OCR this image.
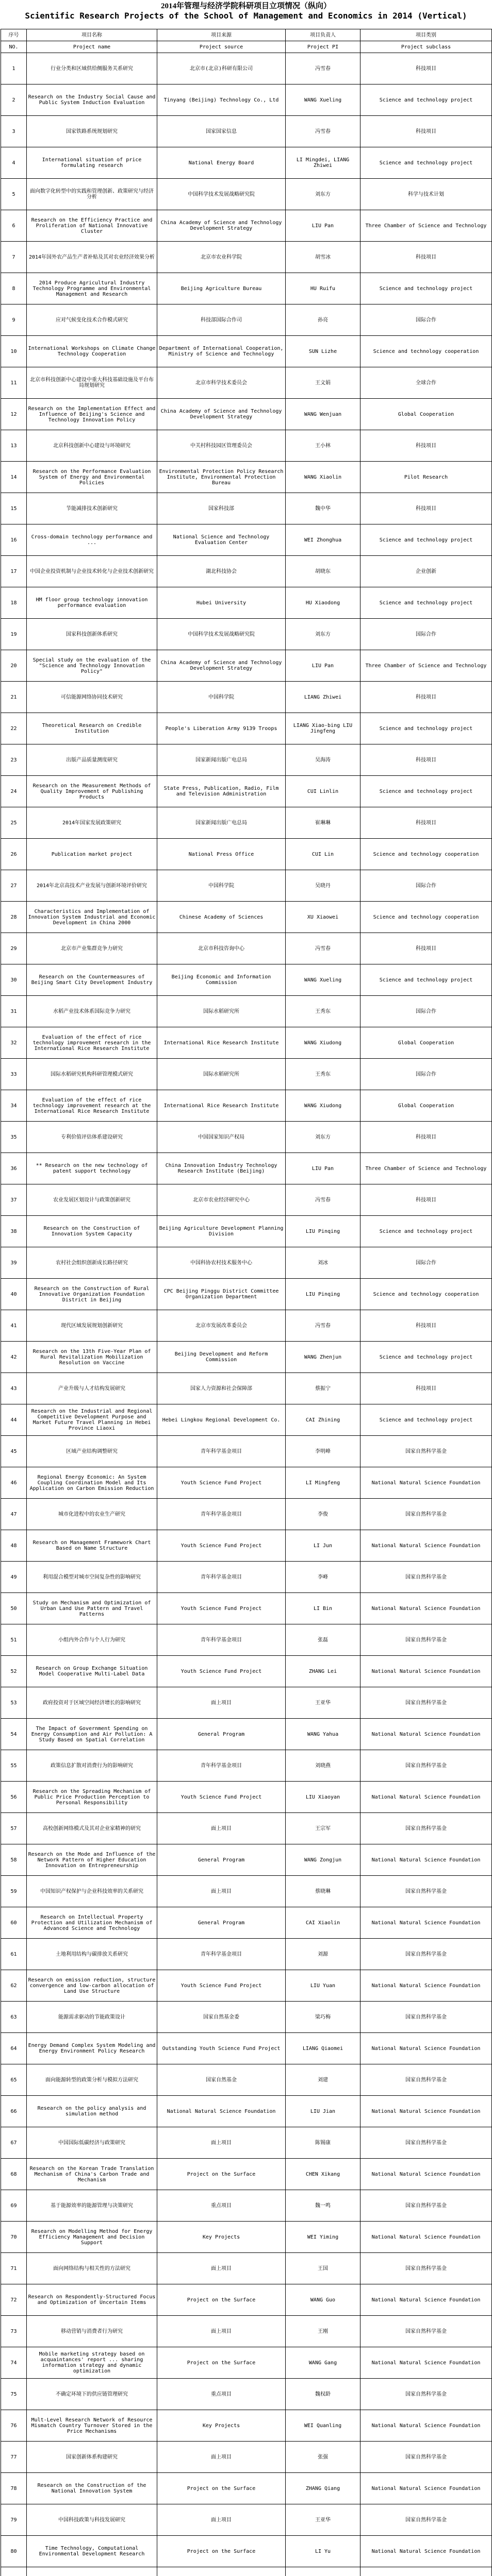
2014年管理与经济学院科研项目立项情况（纵向）
Scientific Research Projects of the School of Management and Economics in 2014 (Vertical)
序号	项目名称	项目来源	项目负责人	项目类别
NO.	Project name	Project source	Project PI	Project subclass
1	行业分类和区域供给侧服务关系研究	北京市(北京)科研有限公司	冯雪春	科技项目
2	Research on the Industry Social Cause and Public System Induction Evaluation	Tinyang (Beijing) Technology Co., Ltd	WANG Xueling	Science and technology project
3	国家铁路系统规划研究	国家国家信息	冯雪春	科技项目
4	International situation of price formulating research	National Energy Board	LI Mingdei, LIANG Zhiwei	Science and technology project
5	面向数字化转型中的实践和管理创新、政策研究与经济分析	中国科学技术发展战略研究院	刘东方	科学与技术计划
6	Research on the Efficiency Practice and Proliferation of National Innovative Cluster	China Academy of Science and Technology Development Strategy	LIU Pan	Three Chamber of Science and Technology
7	2014年国外农产品生产者补贴及其对农业经济效果分析	北京市农业科学院	胡雪冰	科技项目
8	2014 Produce Agricultural Industry Technology Programme and Environmental Management and Research	Beijing Agriculture Bureau	HU Ruifu	Science and technology project
9	应对气候变化技术合作模式研究	科技部国际合作司	孙亮	国际合作
10	International Workshops on Climate Change Technology Cooperation	Department of International Cooperation, Ministry of Science and Technology	SUN Lizhe	Science and technology cooperation
11	北京市科技创新中心建设中重大科技基础设施及平台布局规划研究	北京市科学技术委员会	王文娟	全球合作
12	Research on the Implementation Effect and Influence of Beijing's Science and Technology Innovation Policy	China Academy of Science and Technology Development Strategy	WANG Wenjuan	Global Cooperation
13	北京科技创新中心建设与环境研究	中关村科技园区管理委员会	王小林	科技项目
14	Research on the Performance Evaluation System of Energy and Environmental Policies	Environmental Protection Policy Research Institute, Environmental Protection Bureau	WANG Xiaolin	Pilot Research
15	节能减排技术创新研究	国家科技部	魏中华	科技项目
16	Cross-domain technology performance and ...	National Science and Technology Evaluation Center	WEI Zhonghua	Science and technology project
17	中国企业投资机制与企业技术转化与企业技术创新研究	湖北科技协会	胡晓东	企业创新
18	HM floor group technology innovation performance evaluation	Hubei University	HU Xiaodong	Science and technology project
19	国家科技创新体系研究	中国科学技术发展战略研究院	刘东方	国际合作
20	Special study on the evaluation of the "Science and Technology Innovation Policy"	China Academy of Science and Technology Development Strategy	LIU Pan	Three Chamber of Science and Technology
21	可信能源网络协同技术研究	中国科学院	LIANG Zhiwei	科技项目
22	Theoretical Research on Credible Institution	People's Liberation Army 9139 Troops	LIANG Xiao-bing LIU Jingfeng	Science and technology project
23	出版产品质量测度研究	国家新闻出版广电总局	吴海涛	科技项目
24	Research on the Measurement Methods of Quality Improvement of Publishing Products	State Press, Publication, Radio, Film and Television Administration	CUI Linlin	Science and technology project
25	2014年国家发展政策研究	国家新闻出版广电总局	崔琳琳	科技项目
26	Publication market project	National Press Office	CUI Lin	Science and technology cooperation
27	2014年北京高技术产业发展与创新环境评价研究	中国科学院	吴晓丹	国际合作
28	Characteristics and Implementation of Innovation System Industrial and Economic Development in China 2000	Chinese Academy of Sciences	XU Xiaowei	Science and technology cooperation
29	北京市产业集群竞争力研究	北京市科技咨询中心	冯雪春	科技项目
30	Research on the Countermeasures of Beijing Smart City Development Industry	Beijing Economic and Information Commission	WANG Xueling	Science and technology project
31	水稻产业技术体系国际竞争力研究	国际水稻研究所	王秀东	国际合作
32	Evaluation of the effect of rice technology improvement research in the International Rice Research Institute	International Rice Research Institute	WANG Xiudong	Global Cooperation
33	国际水稻研究机构科研管理模式研究	国际水稻研究所	王秀东	国际合作
34	Evaluation of the effect of rice technology improvement research at the International Rice Research Institute	International Rice Research Institute	WANG Xiudong	Global Cooperation
35	专利价值评估体系建设研究	中国国家知识产权局	刘东方	科技项目
36	** Research on the new technology of patent support technology	China Innovation Industry Technology Research Institute (Beijing)	LIU Pan	Three Chamber of Science and Technology
37	农业发展区划设计与政策创新研究	北京市农业经济研究中心	冯雪春	科技项目
38	Research on the Construction of Innovation System Capacity	Beijing Agriculture Development Planning Division	LIU Pinqing	Science and technology project
39	农村社会组织创新成长路径研究	中国科协农村技术服务中心	刘冰	国际合作
40	Research on the Construction of Rural Innovative Organization Foundation District in Beijing	CPC Beijing Pinggu District Committee Organization Department	LIU Pinqing	Science and technology cooperation
41	现代区域发展规划创新研究	北京市发展改革委员会	冯雪春	科技项目
42	Research on the 13th Five-Year Plan of Rural Revitalization Mobilization Resolution on Vaccine	Beijing Development and Reform Commission	WANG Zhenjun	Science and technology project
43	产业升级与人才结构发展研究	国家人力资源和社会保障部	蔡振宁	科技项目
44	Research on the Industrial and Regional Competitive Development Purpose and Market Future Travel Planning in Hebei Province Liaoxi	Hebei Lingkou Regional Development Co.	CAI Zhining	Science and technology project
45	区域产业结构调整研究	青年科学基金项目	李明峰	国家自然科学基金
46	Regional Energy Economic: An System Coupling Coordination Model and Its Application on Carbon Emission Reduction	Youth Science Fund Project	LI Mingfeng	National Natural Science Foundation
47	城市化进程中的农业生产研究	青年科学基金项目	李俊	国家自然科学基金
48	Research on Management Framework Chart Based on Name Structure	Youth Science Fund Project	LI Jun	National Natural Science Foundation
49	利用混合模型对城市空间复杂性的影响研究	青年科学基金项目	李峰	国家自然科学基金
50	Study on Mechanism and Optimization of Urban Land Use Pattern and Travel Patterns	Youth Science Fund Project	LI Bin	National Natural Science Foundation
51	小组内外合作与个人行为研究	青年科学基金项目	张磊	国家自然科学基金
52	Research on Group Exchange Situation Model Cooperative Multi-Label Data	Youth Science Fund Project	ZHANG Lei	National Natural Science Foundation
53	政府投资对于区域空间经济增长的影响研究	面上项目	王亚华	国家自然科学基金
54	The Impact of Government Spending on Energy Consumption and Air Pollution: A Study Based on Spatial Correlation	General Program	WANG Yahua	National Natural Science Foundation
55	政策信息扩散对消费行为的影响研究	青年科学基金项目	刘晓燕	国家自然科学基金
56	Research on the Spreading Mechanism of Public Price Production Perception to Personal Responsibility	Youth Science Fund Project	LIU Xiaoyan	National Natural Science Foundation
57	高校创新网络模式及其对企业家精神的研究	面上项目	王宗军	国家自然科学基金
58	Research on the Mode and Influence of the Network Pattern of Higher Education Innovation on Entrepreneurship	General Program	WANG Zongjun	National Natural Science Foundation
59	中国知识产权保护与企业科技效率的关系研究	面上项目	蔡晓琳	国家自然科学基金
60	Research on Intellectual Property Protection and Utilization Mechanism of Advanced Science and Technology	General Program	CAI Xiaolin	National Natural Science Foundation
61	土地利用结构与碳排放关系研究	青年科学基金项目	刘源	国家自然科学基金
62	Research on emission reduction, structure convergence and low-carbon allocation of Land Use Structure	Youth Science Fund Project	LIU Yuan	National Natural Science Foundation
63	能源需求驱动的节能政策设计	国家自然基金委	梁巧梅	国家自然科学基金
64	Energy Demand Complex System Modeling and Energy Environment Policy Research	Outstanding Youth Science Fund Project	LIANG Qiaomei	National Natural Science Foundation
65	面向能源转型的政策分析与模拟方法研究	国家自然基金	刘建	国家自然科学基金
66	Research on the policy analysis and simulation method	National Natural Science Foundation	LIU Jian	National Natural Science Foundation
67	中国国际低碳经济与政策研究	面上项目	陈锡康	国家自然科学基金
68	Research on the Korean Trade Translation Mechanism of China's Carbon Trade and Mechanism	Project on the Surface	CHEN Xikang	National Natural Science Foundation
69	基于能源效率的能源管理与决策研究	重点项目	魏一鸣	国家自然科学基金
70	Research on Modelling Method for Energy Efficiency Management and Decision Support	Key Projects	WEI Yiming	National Natural Science Foundation
71	面向网络结构与相关性的方法研究	面上项目	王国	国家自然科学基金
72	Research on Respondently-Structured Focus and Optimization of Uncertain Items	Project on the Surface	WANG Guo	National Natural Science Foundation
73	移动营销与消费者行为研究	面上项目	王刚	国家自然科学基金
74	Mobile marketing strategy based on acquaintances' report ... sharing information strategy and dynamic optimization	Project on the Surface	WANG Gang	National Natural Science Foundation
75	不确定环境下的供应链管理研究	重点项目	魏权龄	国家自然科学基金
76	Mult-Level Research Network of Resource Mismatch Country Turnover Stored in the Price Mechanisms	Key Projects	WEI Quanling	National Natural Science Foundation
77	国家创新体系构建研究	面上项目	张强	国家自然科学基金
78	Research on the Construction of the National Innovation System	Project on the Surface	ZHANG Qiang	National Natural Science Foundation
79	中国科技政策与科技发展研究	面上项目	王亚华	国家自然科学基金
80	Time Technology, Computational Environmental Development Research	Project on the Surface	LI Yu	National Natural Science Foundation
